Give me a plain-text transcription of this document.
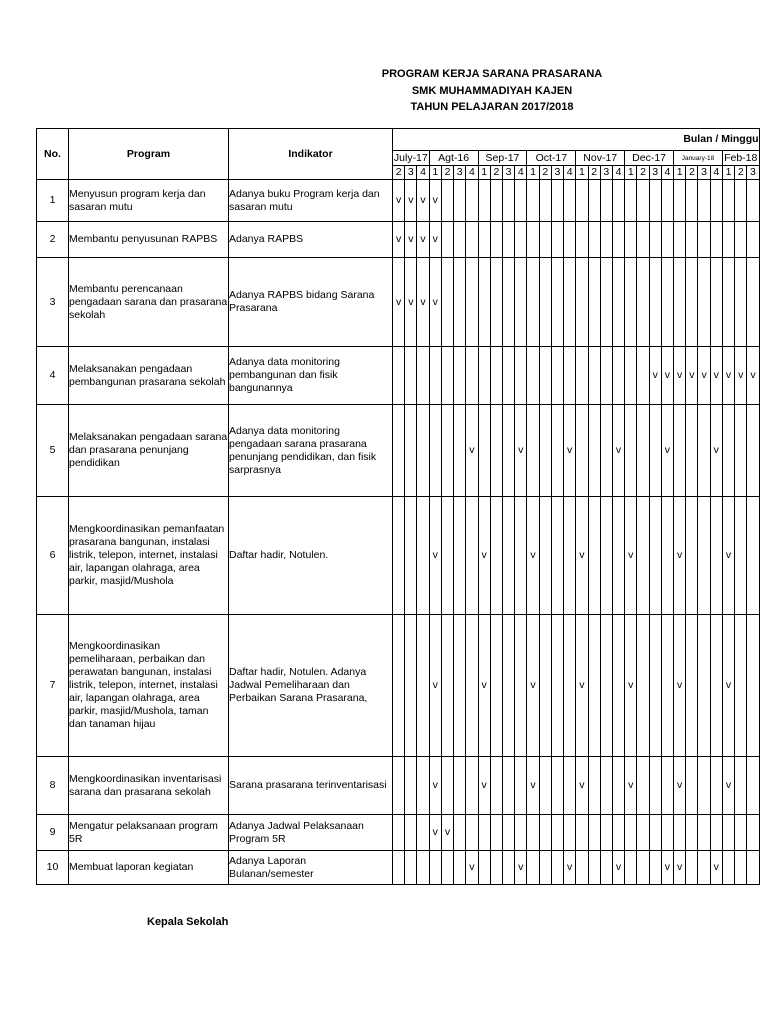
PROGRAM KERJA SARANA PRASARANA
SMK MUHAMMADIYAH KAJEN
TAHUN PELAJARAN 2017/2018
No.	Program	Indikator	Bulan / Minggu																													
			July-17			Agt-16				Sep-17				Oct-17				Nov-17				Dec-17				January-18				Feb-18		
			2	3	4	1	2	3	4	1	2	3	4	1	2	3	4	1	2	3	4	1	2	3	4	1	2	3	4	1	2	3
1	Menyusun program kerja dan sasaran mutu	Adanya buku Program kerja dan sasaran mutu	v	v	v	v																										
2	Membantu penyusunan RAPBS	Adanya RAPBS	v	v	v	v																										
3	Membantu perencanaan pengadaan sarana dan prasarana sekolah	Adanya RAPBS bidang Sarana Prasarana	v	v	v	v																										
4	Melaksanakan pengadaan pembangunan prasarana sekolah	Adanya data monitoring pembangunan dan fisik bangunannya																						v	v	v	v	v	v	v	v	v
5	Melaksanakan pengadaan sarana dan prasarana penunjang pendidikan	Adanya data monitoring pengadaan sarana prasarana penunjang pendidikan, dan fisik sarprasnya							v				v				v				v				v				v			
6	Mengkoordinasikan pemanfaatan prasarana bangunan, instalasi listrik, telepon, internet, instalasi air, lapangan olahraga, area parkir, masjid/Mushola	Daftar hadir, Notulen.				v				v				v				v				v				v				v		
7	Mengkoordinasikan pemeliharaan, perbaikan dan perawatan bangunan, instalasi listrik, telepon, internet, instalasi air, lapangan olahraga, area parkir, masjid/Mushola, taman dan tanaman hijau	Daftar hadir, Notulen. Adanya Jadwal Pemeliharaan dan Perbaikan Sarana Prasarana,				v				v				v				v				v				v				v		
8	Mengkoordinasikan inventarisasi sarana dan prasarana sekolah	Sarana prasarana terinventarisasi				v				v				v				v				v				v				v		
9	Mengatur pelaksanaan program 5R	Adanya Jadwal Pelaksanaan Program 5R				v	v																									
10	Membuat laporan kegiatan	Adanya Laporan Bulanan/semester							v				v				v				v				v	v			v			
Kepala Sekolah
